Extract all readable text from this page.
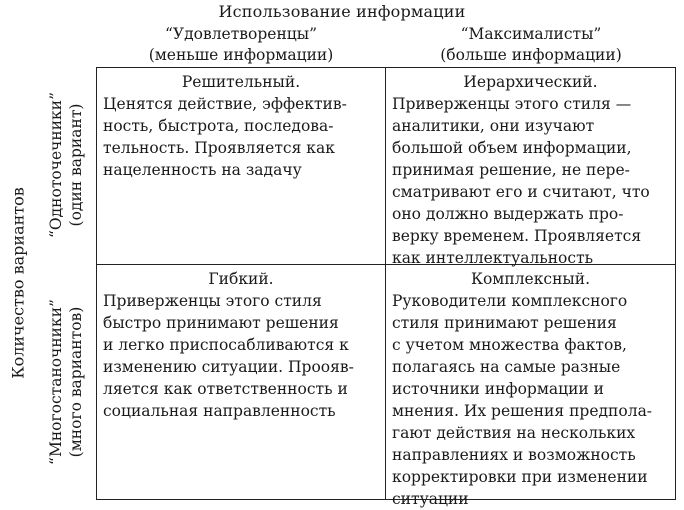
Использование информации
“Удовлетворенцы”
(меньше информации)
“Максималисты”
(больше информации)
Количество вариантов
“Одноточечники” (один вариант)
“Многостаночники” (много вариантов)
Решительный.
Ценятся действие, эффектив-
ность, быстрота, последова-
тельность. Проявляется как
нацеленность на задачу
Иерархический.
Приверженцы этого стиля —
аналитики, они изучают
большой объем информации,
принимая решение, не пере-
сматривают его и считают, что
оно должно выдержать про-
верку временем. Проявляется
как интеллектуальность
Гибкий.
Приверженцы этого стиля
быстро принимают решения
и легко приспосабливаются к
изменению ситуации. Проояв-
ляется как ответственность и
социальная направленность
Комплексный.
Руководители комплексного
стиля принимают решения
с учетом множества фактов,
полагаясь на самые разные
источники информации и
мнения. Их решения предпола-
гают действия на нескольких
направлениях и возможность
корректировки при изменении
ситуации
